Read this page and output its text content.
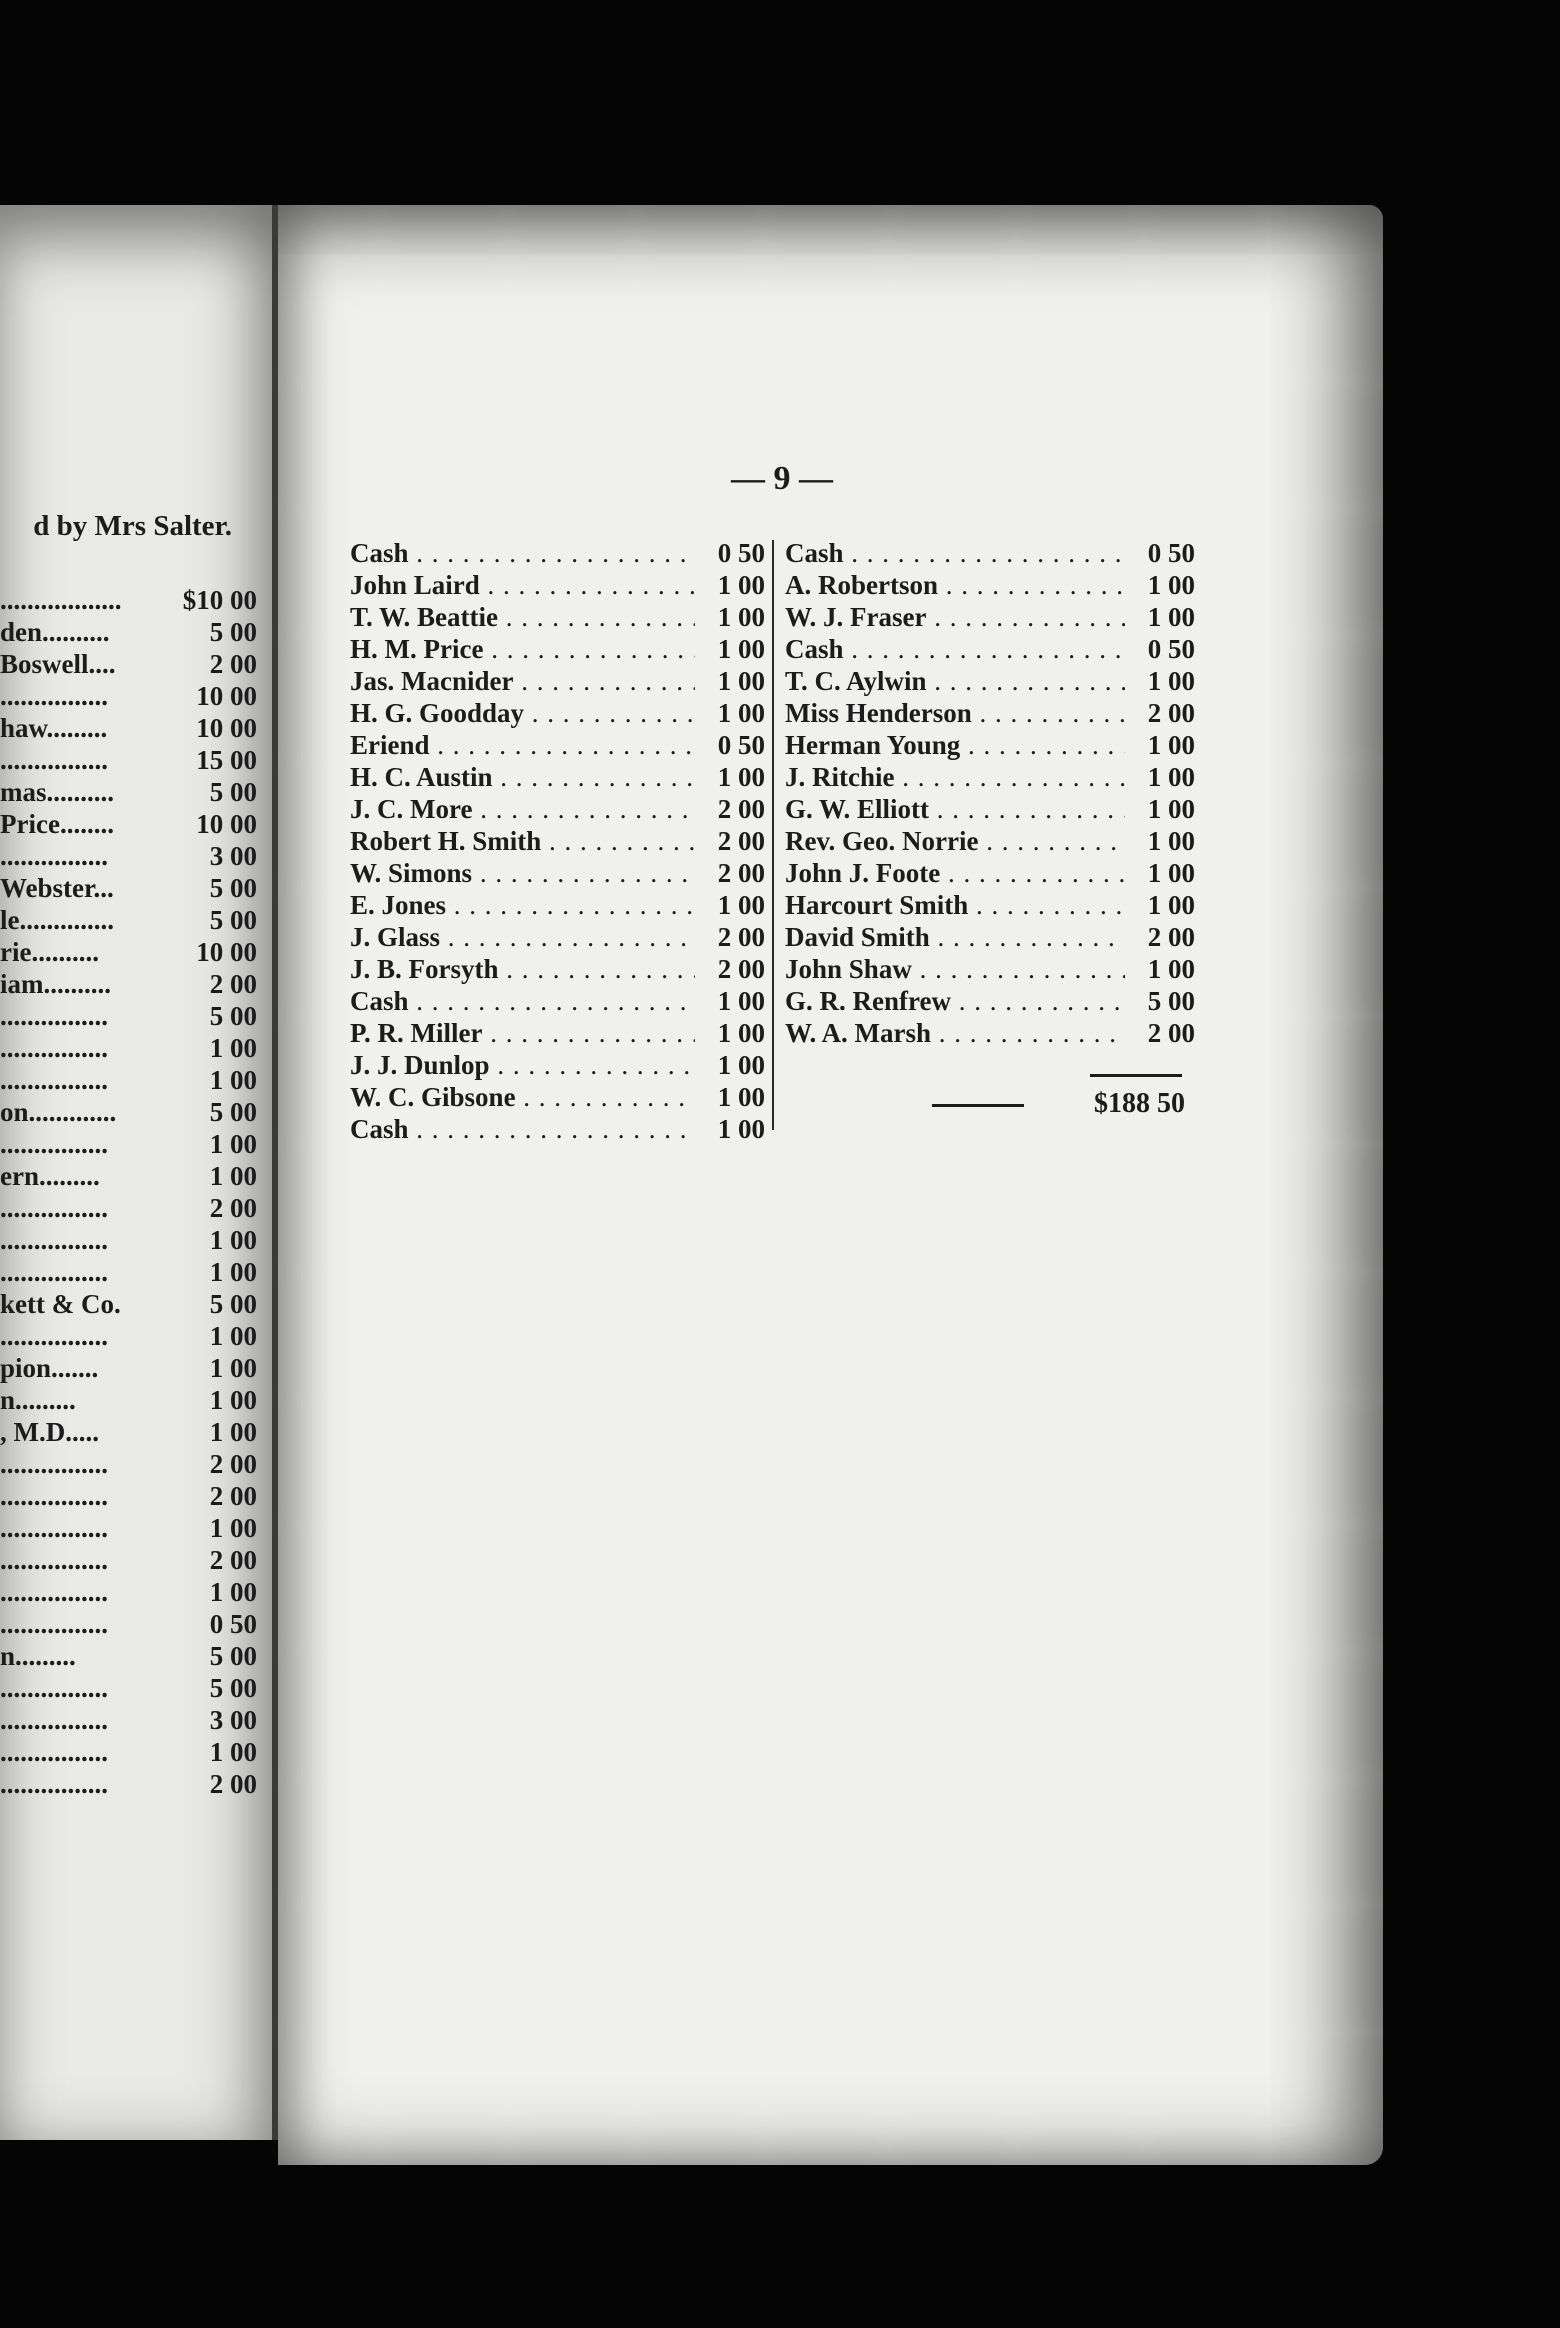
d by Mrs Salter.
..................	$10 00
den..........	5 00
Boswell....	2 00
................	10 00
haw.........	10 00
................	15 00
mas..........	5 00
Price........	10 00
................	3 00
Webster...	5 00
le..............	5 00
rie..........	10 00
iam..........	2 00
................	5 00
................	1 00
................	1 00
on.............	5 00
................	1 00
ern.........	1 00
................	2 00
................	1 00
................	1 00
kett & Co.	5 00
................	1 00
pion.......	1 00
n.........	1 00
, M.D.....	1 00
................	2 00
................	2 00
................	1 00
................	2 00
................	1 00
................	0 50
n.........	5 00
................	5 00
................	3 00
................	1 00
................	2 00
— 9 —
Cash . . .	0 50
John Laird . . .	1 00
T. W. Beattie . . .	1 00
H. M. Price . . .	1 00
Jas. Macnider . . .	1 00
H. G. Goodday . . .	1 00
Eriend . . .	0 50
H. C. Austin . . .	1 00
J. C. More . . .	2 00
Robert H. Smith . . .	2 00
W. Simons . . .	2 00
E. Jones . . .	1 00
J. Glass . . .	2 00
J. B. Forsyth . . .	2 00
Cash . . .	1 00
P. R. Miller . . .	1 00
J. J. Dunlop . . .	1 00
W. C. Gibsone . . .	1 00
Cash . . .	1 00
Cash . . .	0 50
A. Robertson . . .	1 00
W. J. Fraser . . .	1 00
Cash . . .	0 50
T. C. Aylwin . . .	1 00
Miss Henderson . . .	2 00
Herman Young . . .	1 00
J. Ritchie . . .	1 00
G. W. Elliott . . .	1 00
Rev. Geo. Norrie . . .	1 00
John J. Foote . . .	1 00
Harcourt Smith . . .	1 00
David Smith . . .	2 00
John Shaw . . .	1 00
G. R. Renfrew . . .	5 00
W. A. Marsh . . .	2 00
$188 50
